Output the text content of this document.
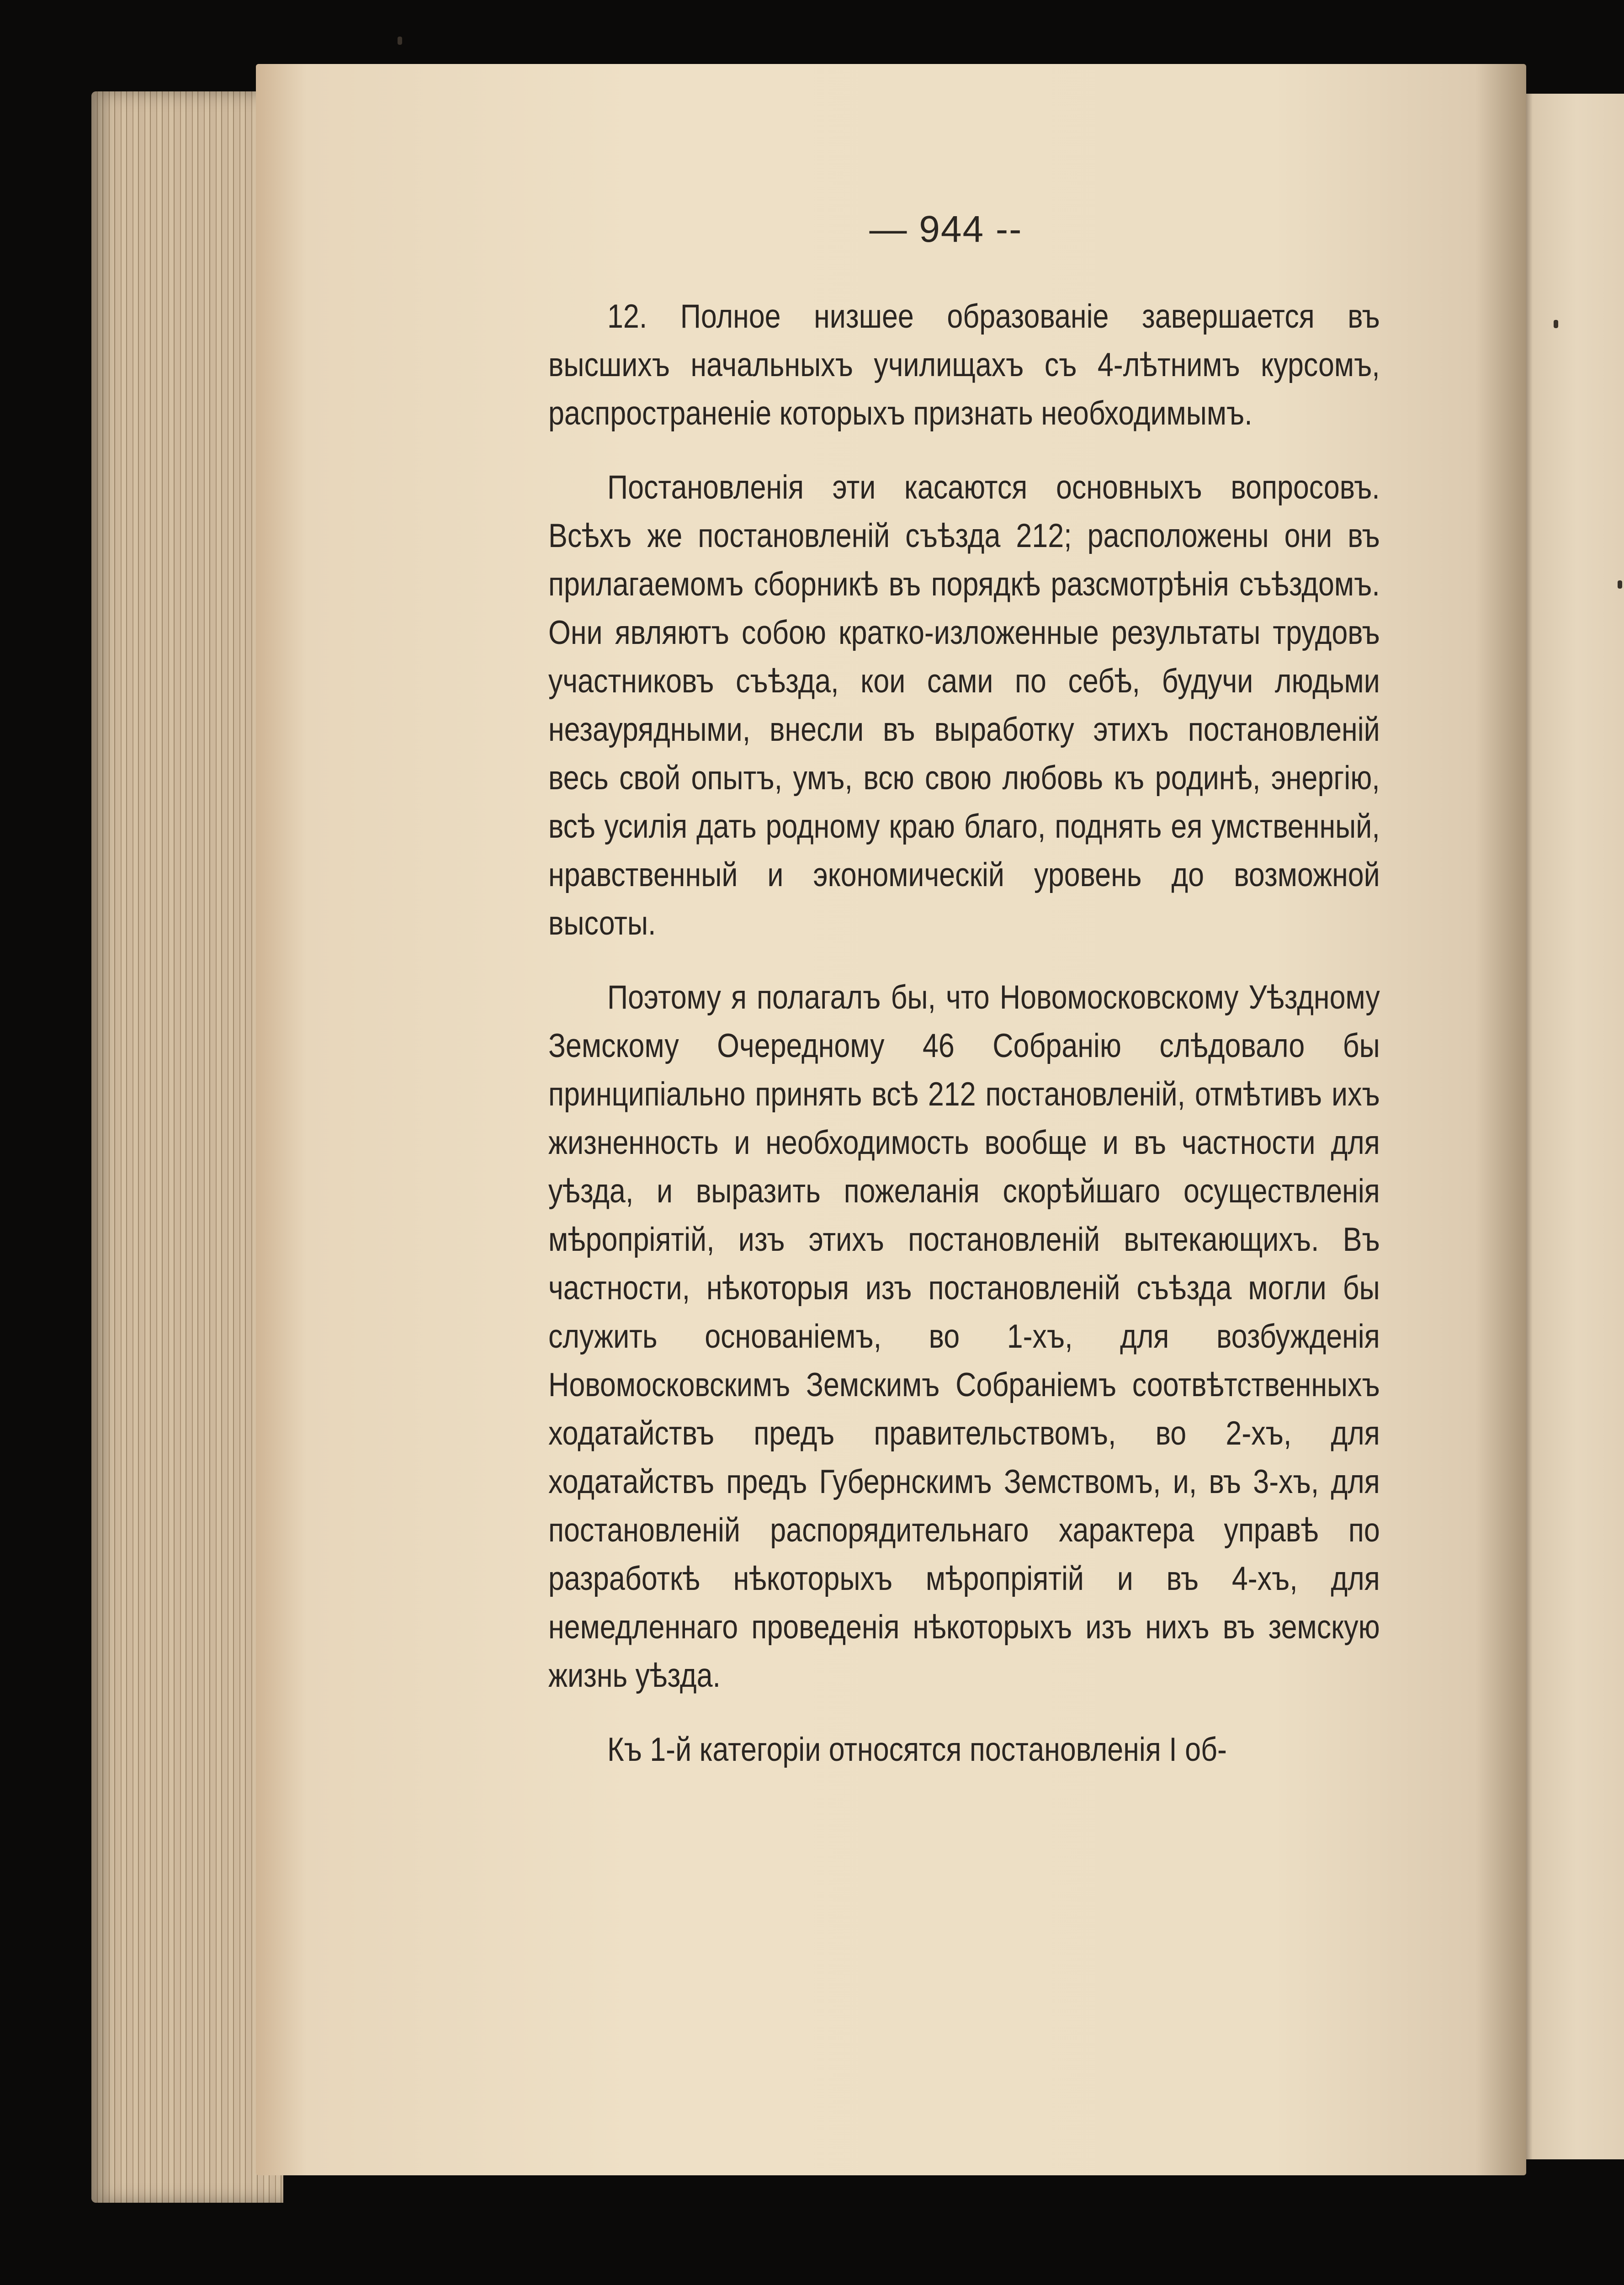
— 944 --

12. Полное низшее образованіе завершается въ высшихъ начальныхъ училищахъ съ 4-лѣтнимъ курсомъ, распространеніе которыхъ признать необходимымъ.

Постановленія эти касаются основныхъ вопросовъ. Всѣхъ же постановленій съѣзда 212; расположены они въ прилагаемомъ сборникѣ въ порядкѣ разсмотрѣнія съѣздомъ. Они являютъ собою кратко-изложенные результаты трудовъ участниковъ съѣзда, кои сами по себѣ, будучи людьми незаурядными, внесли въ выработку этихъ постановленій весь свой опытъ, умъ, всю свою любовь къ родинѣ, энергію, всѣ усилія дать родному краю благо, поднять ея умственный, нравственный и экономическій уровень до возможной высоты.

Поэтому я полагалъ бы, что Новомосковскому Уѣздному Земскому Очередному 46 Собранію слѣдовало бы принципіально принять всѣ 212 постановленій, отмѣтивъ ихъ жизненность и необходимость вообще и въ частности для уѣзда, и выразить пожеланія скорѣйшаго осуществленія мѣропріятій, изъ этихъ постановленій вытекающихъ. Въ частности, нѣкоторыя изъ постановленій съѣзда могли бы служить основаніемъ, во 1-хъ, для возбужденія Новомосковскимъ Земскимъ Собраніемъ соотвѣтственныхъ ходатайствъ предъ правительствомъ, во 2-хъ, для ходатайствъ предъ Губернскимъ Земствомъ, и, въ 3-хъ, для постановленій распорядительнаго характера управѣ по разработкѣ нѣкоторыхъ мѣропріятій и въ 4-хъ, для немедленнаго проведенія нѣкоторыхъ изъ нихъ въ земскую жизнь уѣзда.

Къ 1-й категоріи относятся постановленія I об-
